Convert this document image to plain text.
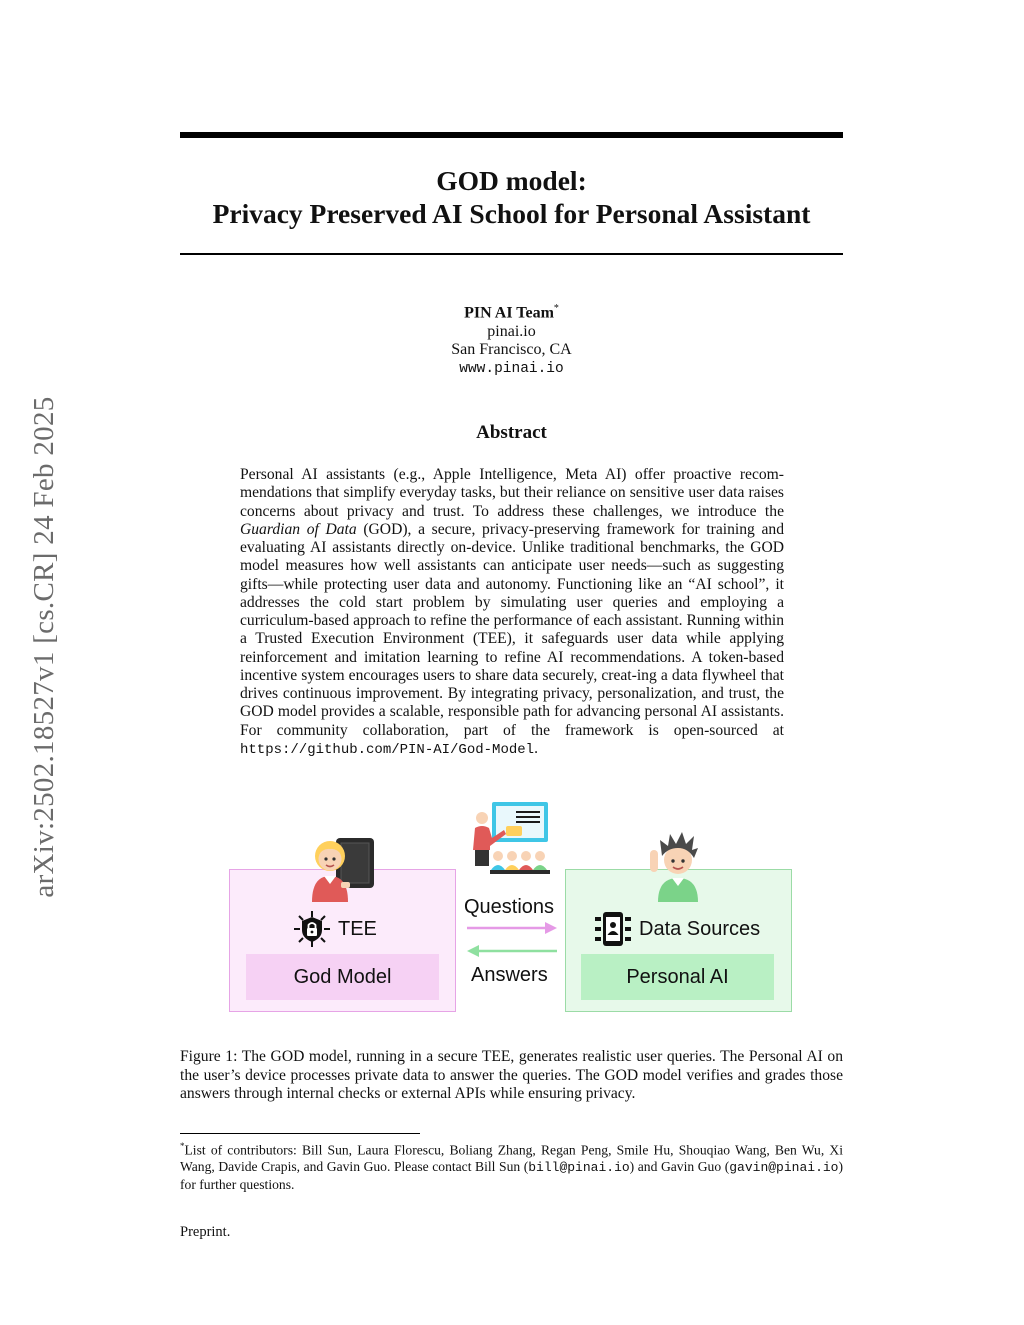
arXiv:2502.18527v1 [cs.CR] 24 Feb 2025
GOD model:
Privacy Preserved AI School for Personal Assistant
PIN AI Team*
pinai.io
San Francisco, CA
www.pinai.io
Abstract
Personal AI assistants (e.g., Apple Intelligence, Meta AI) offer proactive recom-mendations that simplify everyday tasks, but their reliance on sensitive user data raises concerns about privacy and trust. To address these challenges, we introduce the Guardian of Data (GOD), a secure, privacy-preserving framework for training and evaluating AI assistants directly on-device. Unlike traditional benchmarks, the GOD model measures how well assistants can anticipate user needs—such as suggesting gifts—while protecting user data and autonomy. Functioning like an “AI school”, it addresses the cold start problem by simulating user queries and employing a curriculum-based approach to refine the performance of each assistant. Running within a Trusted Execution Environment (TEE), it safeguards user data while applying reinforcement and imitation learning to refine AI recommendations. A token-based incentive system encourages users to share data securely, creat-ing a data flywheel that drives continuous improvement. By integrating privacy, personalization, and trust, the GOD model provides a scalable, responsible path for advancing personal AI assistants. For community collaboration, part of the framework is open-sourced at https://github.com/PIN-AI/God-Model.
TEE	Data Sources
God Model	Personal AI
Questions
Answers
Figure 1: The GOD model, running in a secure TEE, generates realistic user queries. The Personal AI on the user’s device processes private data to answer the queries. The GOD model verifies and grades those answers through internal checks or external APIs while ensuring privacy.
*List of contributors: Bill Sun, Laura Florescu, Boliang Zhang, Regan Peng, Smile Hu, Shouqiao Wang, Ben Wu, Xi Wang, Davide Crapis, and Gavin Guo. Please contact Bill Sun (bill@pinai.io) and Gavin Guo (gavin@pinai.io) for further questions.
Preprint.
